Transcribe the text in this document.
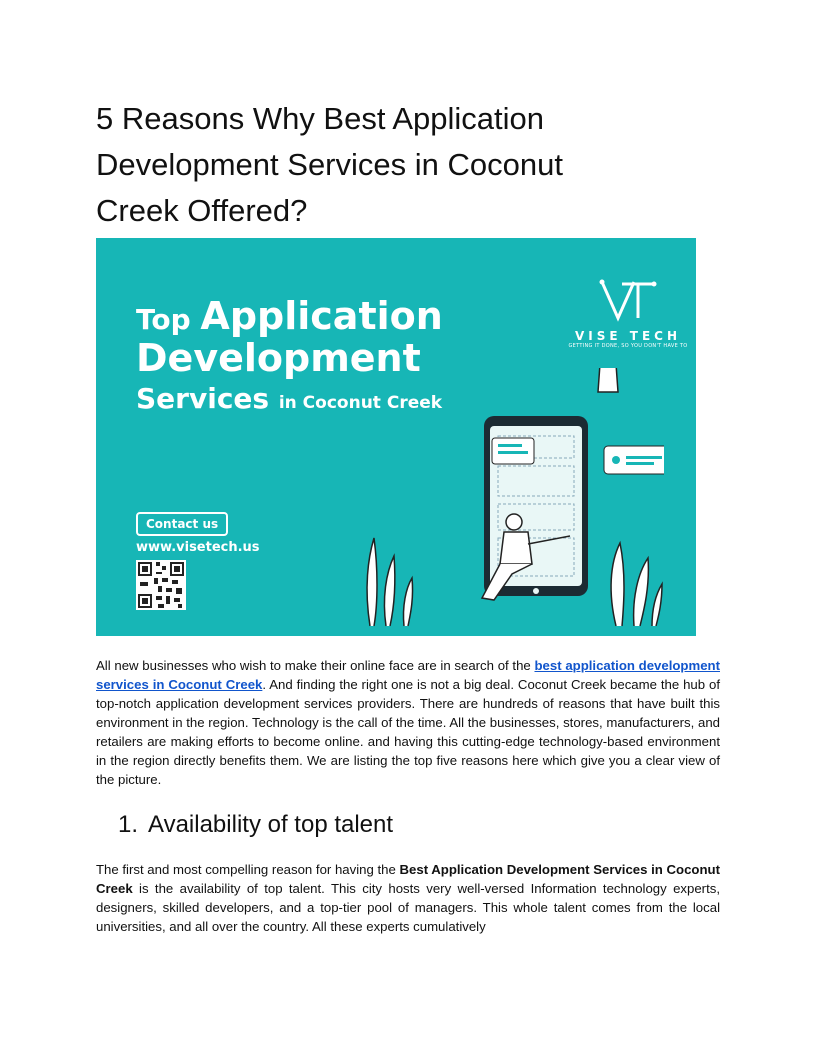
5 Reasons Why Best Application
Development Services in Coconut
Creek Offered?
Top Application
Development
Services in Coconut Creek
Contact us
www.visetech.us
VISE TECH
GETTING IT DONE, SO YOU DON'T HAVE TO

All new businesses who wish to make their online face are in search of the best application development services in Coconut Creek. And finding the right one is not a big deal. Coconut Creek became the hub of top-notch application development services providers. There are hundreds of reasons that have built this environment in the region. Technology is the call of the time. All the businesses, stores, manufacturers, and retailers are making efforts to become online. and having this cutting-edge technology-based environment in the region directly benefits them. We are listing the top five reasons here which give you a clear view of the picture.

1. Availability of top talent

The first and most compelling reason for having the Best Application Development Services in Coconut Creek is the availability of top talent. This city hosts very well-versed Information technology experts, designers, skilled developers, and a top-tier pool of managers. This whole talent comes from the local universities, and all over the country. All these experts cumulatively
